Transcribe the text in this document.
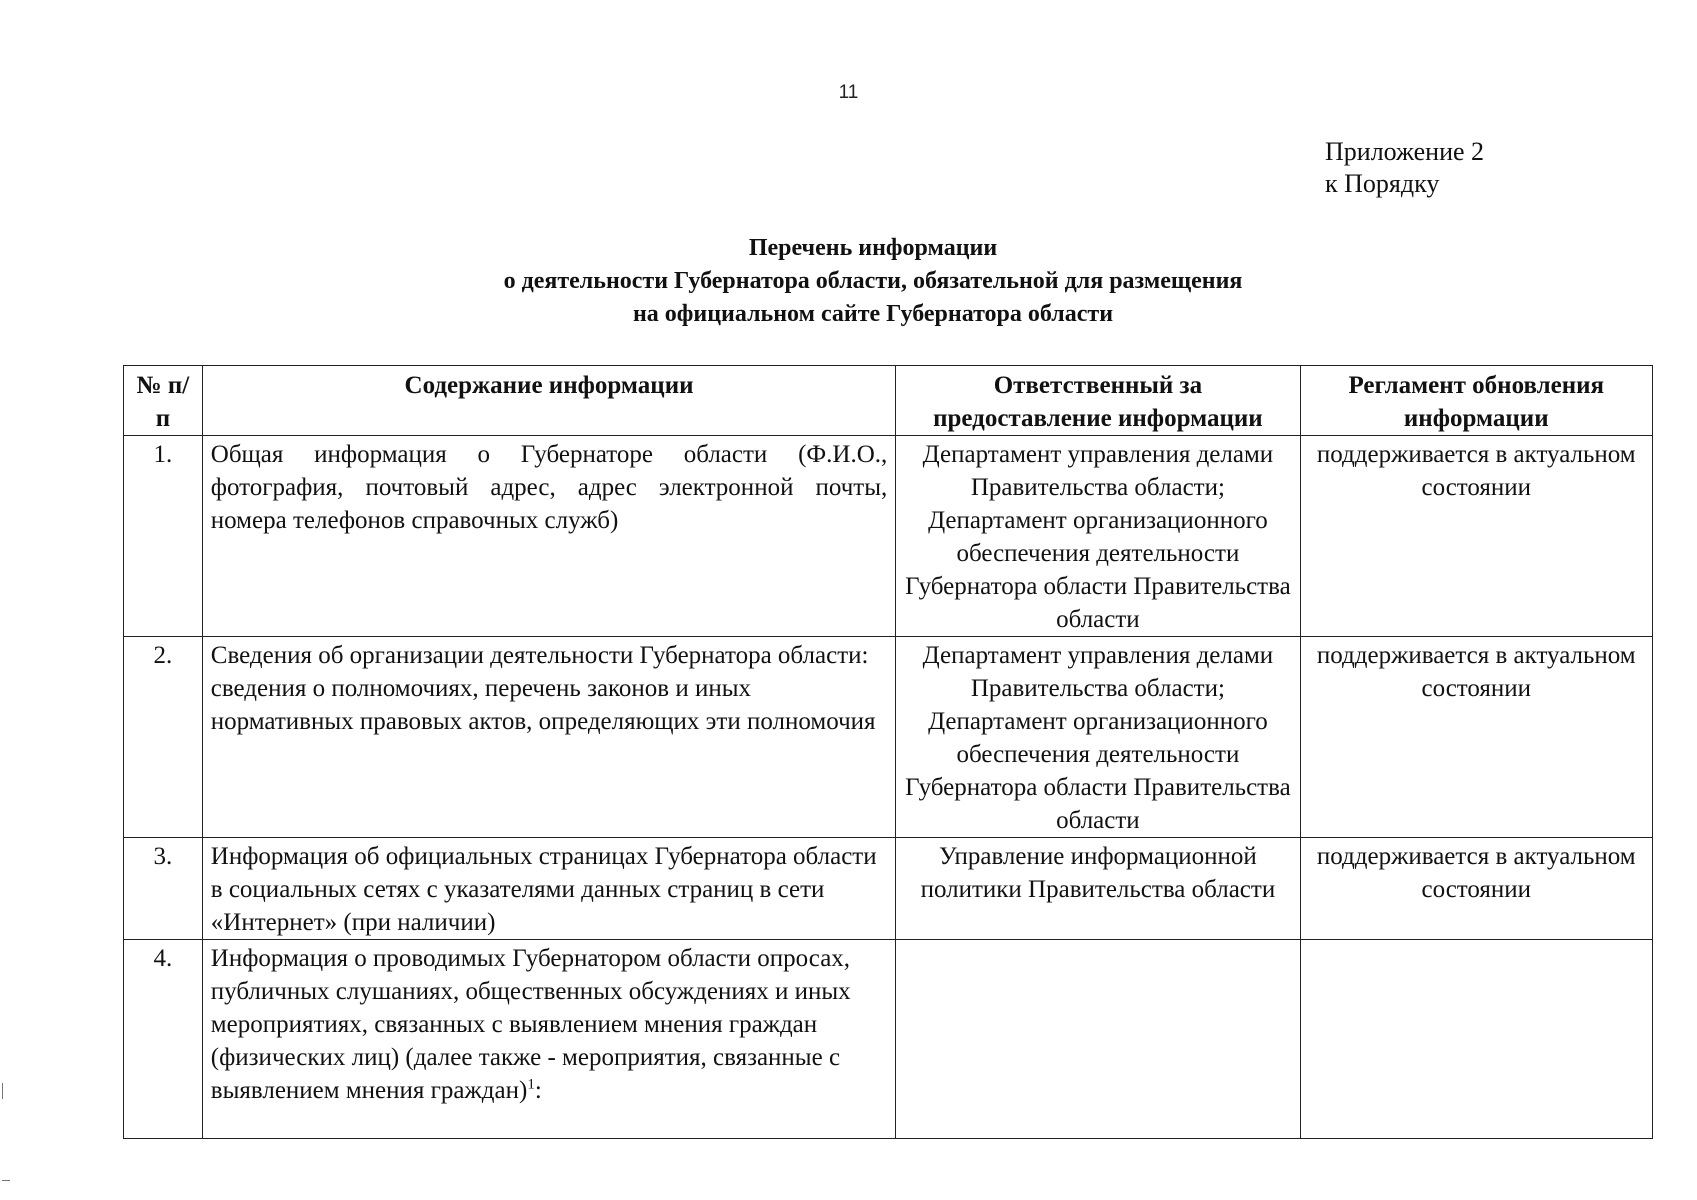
11
Приложение 2
к Порядку
Перечень информации
о деятельности Губернатора области, обязательной для размещения
на официальном сайте Губернатора области
№ п/п	Содержание информации	Ответственный за предоставление информации	Регламент обновления информации
1.	Общая информация о Губернаторе области (Ф.И.О., фотография, почтовый адрес, адрес электронной почты, номера телефонов справочных служб)	Департамент управления делами Правительства области; Департамент организационного обеспечения деятельности Губернатора области Правительства области	поддерживается в актуальном состоянии
2.	Сведения об организации деятельности Губернатора области: сведения о полномочиях, перечень законов и иных нормативных правовых актов, определяющих эти полномочия	Департамент управления делами Правительства области; Департамент организационного обеспечения деятельности Губернатора области Правительства области	поддерживается в актуальном состоянии
3.	Информация об официальных страницах Губернатора области в социальных сетях с указателями данных страниц в сети «Интернет» (при наличии)	Управление информационной политики Правительства области	поддерживается в актуальном состоянии
4.	Информация о проводимых Губернатором области опросах, публичных слушаниях, общественных обсуждениях и иных мероприятиях, связанных с выявлением мнения граждан (физических лиц) (далее также - мероприятия, связанные с выявлением мнения граждан)$^1$:		
